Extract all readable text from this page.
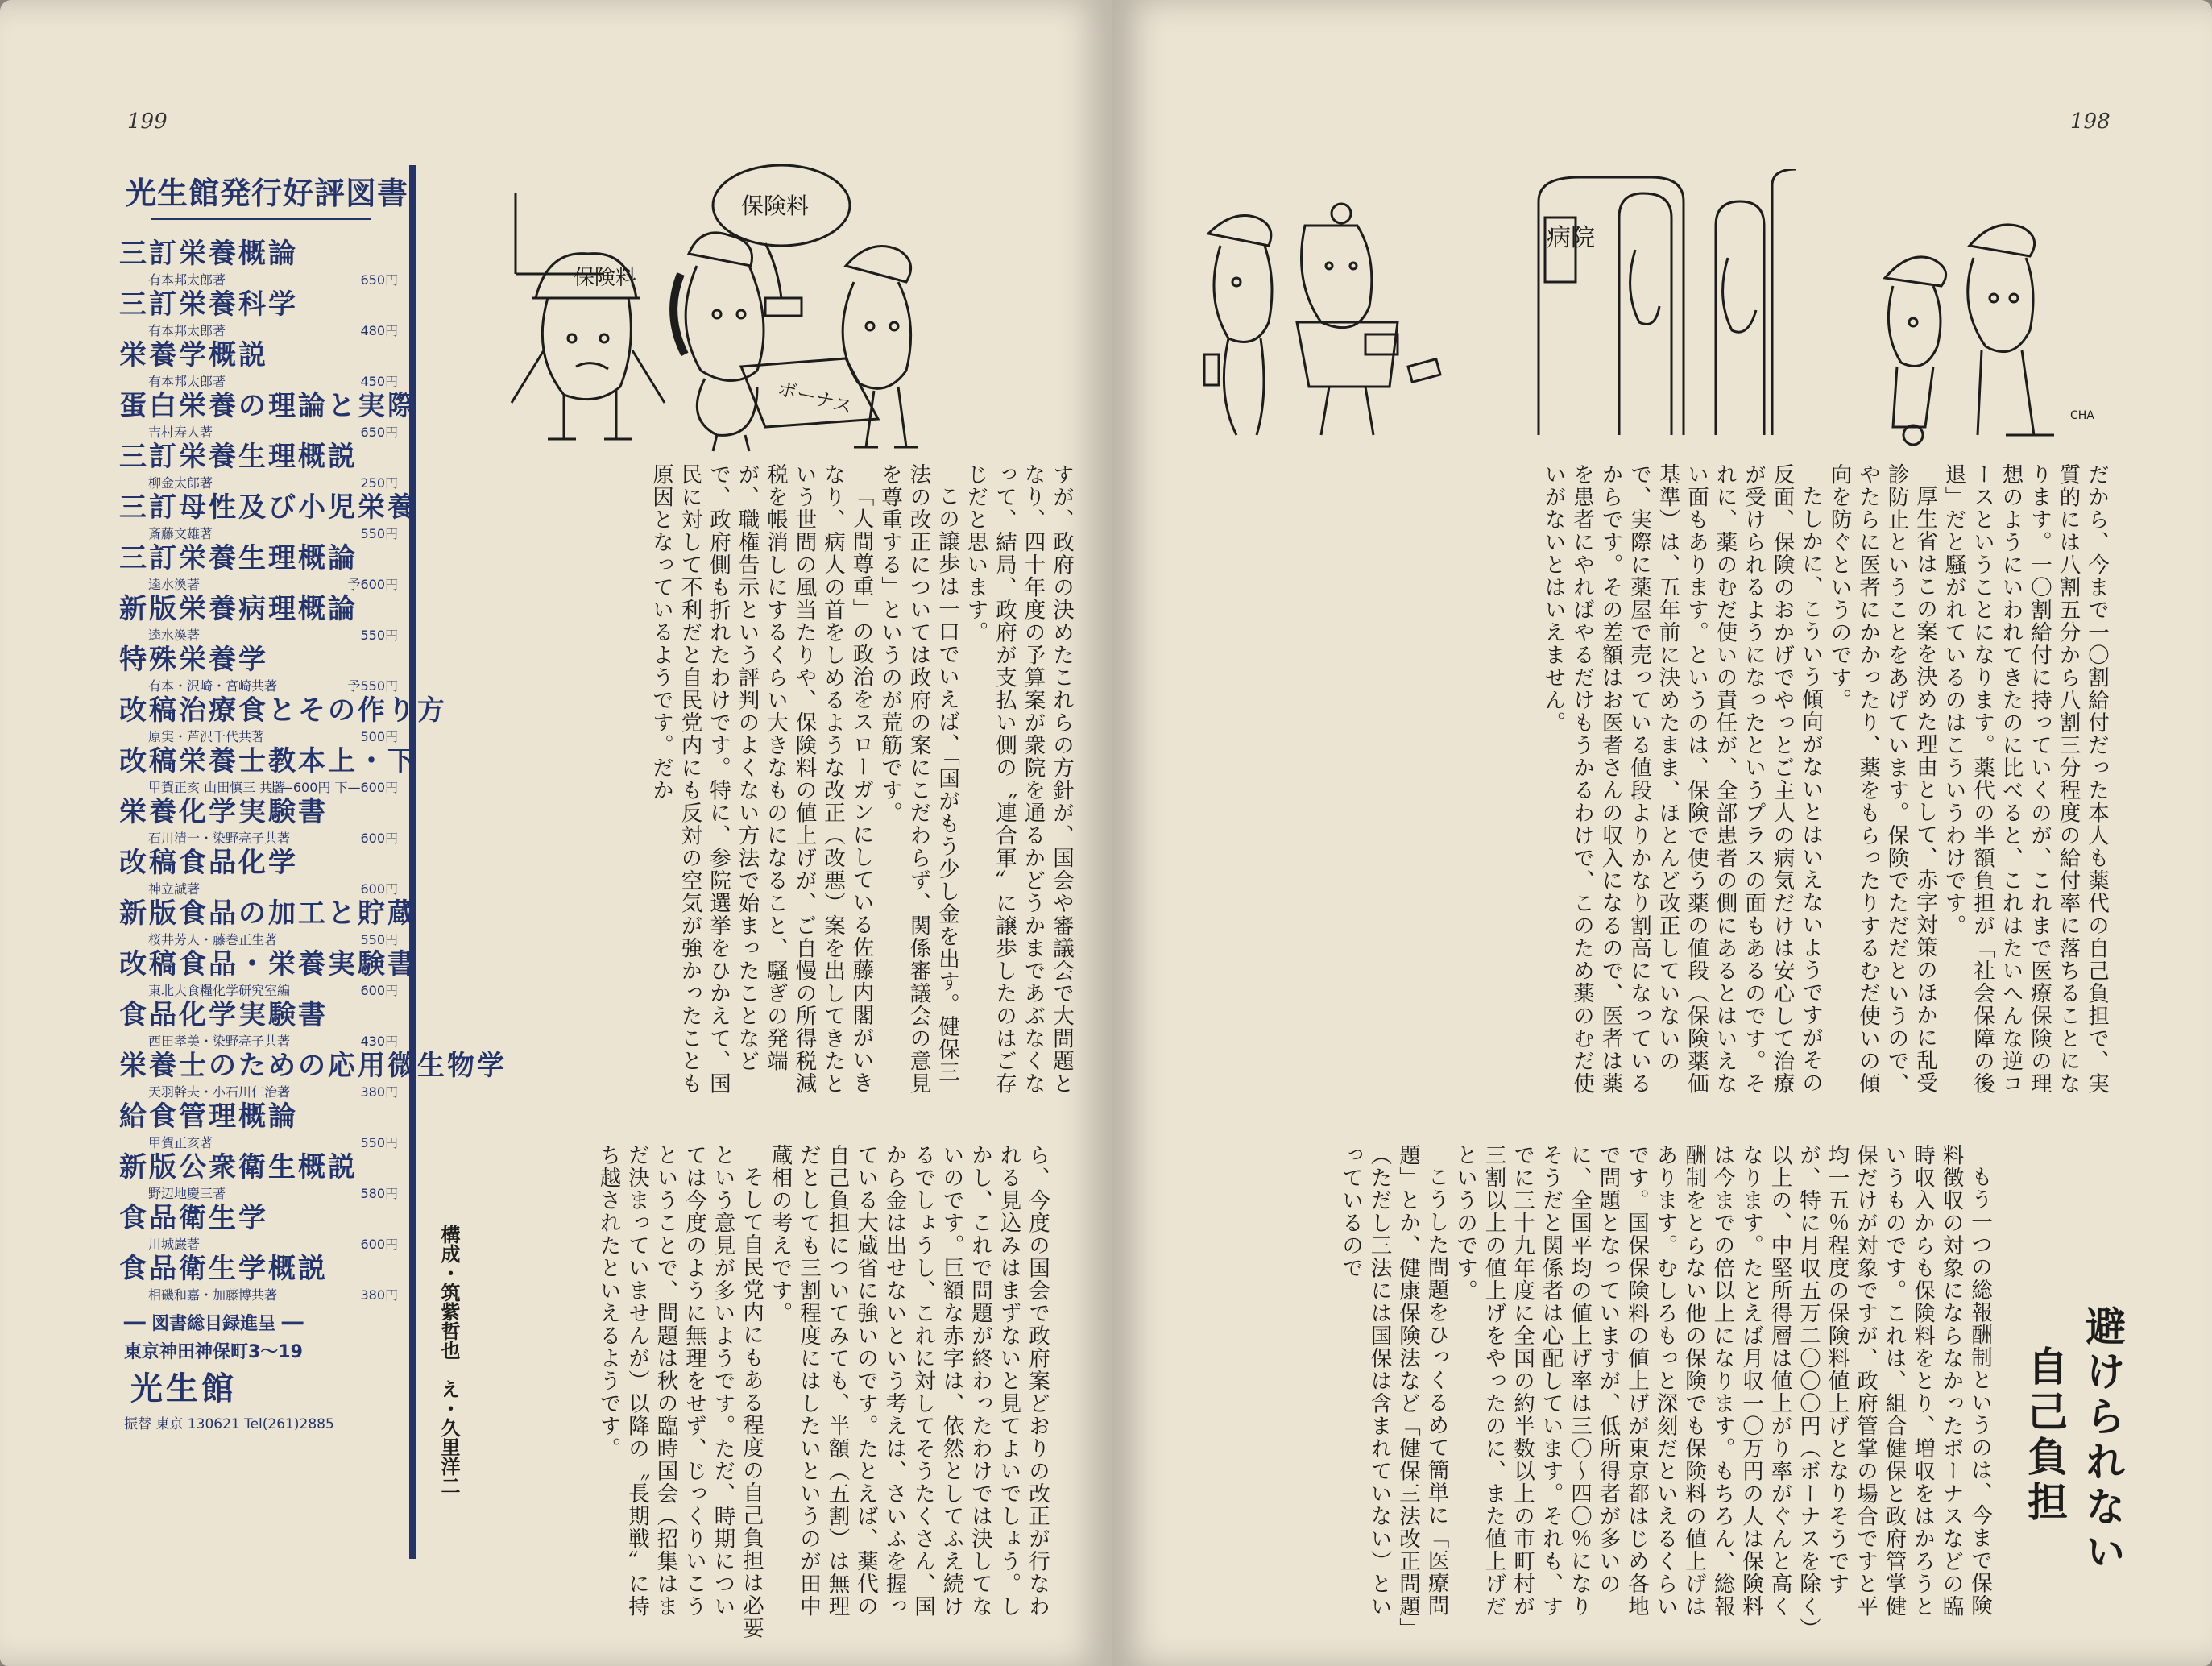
199
光生館発行好評図書
三訂栄養概論
有本邦太郎著	650円
三訂栄養科学
有本邦太郎著	480円
栄養学概説
有本邦太郎著	450円
蛋白栄養の理論と実際
吉村寿人著	650円
三訂栄養生理概説
柳金太郎著	250円
三訂母性及び小児栄養
斎藤文雄著	550円
三訂栄養生理概論
逵水渙著	予600円
新版栄養病理概論
逵水渙著	550円
特殊栄養学
有本・沢崎・宮崎共著	予550円
改稿治療食とその作り方
原実・芦沢千代共著	500円
改稿栄養士教本上・下
甲賀正亥 山田慎三 共著
上—600円 下—600円
栄養化学実験書
石川清一・染野亮子共著	600円
改稿食品化学
神立誠著	600円
新版食品の加工と貯蔵
桜井芳人・藤巻正生著	550円
改稿食品・栄養実験書
東北大食糧化学研究室編	600円
食品化学実験書
西田孝美・染野亮子共著	430円
栄養士のための応用微生物学
天羽幹夫・小石川仁治著	380円
給食管理概論
甲賀正亥著	550円
新版公衆衛生概説
野辺地慶三著	580円
食品衛生学
川城巌著	600円
食品衛生学概説
相磯和嘉・加藤博共著	380円
━━ 図書総目録進呈 ━━
東京神田神保町3～19 光生館
振替 東京 130621 Tel(261)2885
保険料
保険料
ボーナス

すが、政府の決めたこれらの方針が、国会や審議会で大問題となり、四十年度の予算案が衆院を通るかどうかまであぶなくなって、結局、政府が支払い側の〝連合軍〟に譲歩したのはご存じだと思います。

この譲歩は一口でいえば、「国がもう少し金を出す。健保三法の改正については政府の案にこだわらず、関係審議会の意見を尊重する」というのが荒筋です。

「人間尊重」の政治をスローガンにしている佐藤内閣がいきなり、病人の首をしめるような改正（改悪）案を出してきたという世間の風当たりや、保険料の値上げが、ご自慢の所得税減税を帳消しにするくらい大きなものになること、騒ぎの発端が、職権告示という評判のよくない方法で始まったことなどで、政府側も折れたわけです。特に、参院選挙をひかえて、国民に対して不利だと自民党内にも反対の空気が強かったことも原因となっているようです。だか

ら、今度の国会で政府案どおりの改正が行なわれる見込みはまずないと見てよいでしょう。しかし、これで問題が終わったわけでは決してないのです。巨額な赤字は、依然としてふえ続けるでしょうし、これに対してそうたくさん、国から金は出せないという考えは、さいふを握っている大蔵省に強いのです。たとえば、薬代の自己負担についてみても、半額（五割）は無理だとしても三割程度にはしたいというのが田中蔵相の考えです。

そして自民党内にもある程度の自己負担は必要という意見が多いようです。ただ、時期については今度のように無理をせず、じっくりいこうということで、問題は秋の臨時国会（招集はまだ決まっていませんが）以降の〝長期戦〟に持ち越されたといえるようです。

構成・筑紫哲也　え・久里洋二
198
病院
CHA

だから、今まで一〇割給付だった本人も薬代の自己負担で、実質的には八割五分から八割三分程度の給付率に落ちることになります。一〇割給付に持っていくのが、これまで医療保険の理想のようにいわれてきたのに比べると、これはたいへんな逆コースということになります。薬代の半額負担が「社会保障の後退」だと騒がれているのはこういうわけです。

厚生省はこの案を決めた理由として、赤字対策のほかに乱受診防止ということをあげています。保険でただだというので、やたらに医者にかかったり、薬をもらったりするむだ使いの傾向を防ぐというのです。

たしかに、こういう傾向がないとはいえないようですがその反面、保険のおかげでやっとご主人の病気だけは安心して治療が受けられるようになったというプラスの面もあるのです。それに、薬のむだ使いの責任が、全部患者の側にあるとはいえない面もあります。というのは、保険で使う薬の値段（保険薬価基準）は、五年前に決めたまま、ほとんど改正していないので、実際に薬屋で売っている値段よりかなり割高になっているからです。その差額はお医者さんの収入になるので、医者は薬を患者にやればやるだけもうかるわけで、このため薬のむだ使いがないとはいえません。

避けられない
自己負担

もう一つの総報酬制というのは、今まで保険料徴収の対象にならなかったボーナスなどの臨時収入からも保険料をとり、増収をはかろうというものです。これは、組合健保と政府管掌健保だけが対象ですが、政府管掌の場合ですと平均一五％程度の保険料値上げとなりそうですが、特に月収五万二〇〇〇円（ボーナスを除く）以上の、中堅所得層は値上がり率がぐんと高くなります。たとえば月収一〇万円の人は保険料は今までの倍以上になります。もちろん、総報酬制をとらない他の保険でも保険料の値上げはあります。むしろもっと深刻だといえるくらいです。国保保険料の値上げが東京都はじめ各地で問題となっていますが、低所得者が多いのに、全国平均の値上げ率は三〇～四〇％になりそうだと関係者は心配しています。それも、すでに三十九年度に全国の約半数以上の市町村が三割以上の値上げをやったのに、また値上げだというのです。

こうした問題をひっくるめて簡単に「医療問題」とか、健康保険法など「健保三法改正問題」（ただし三法には国保は含まれていない）といっているので
